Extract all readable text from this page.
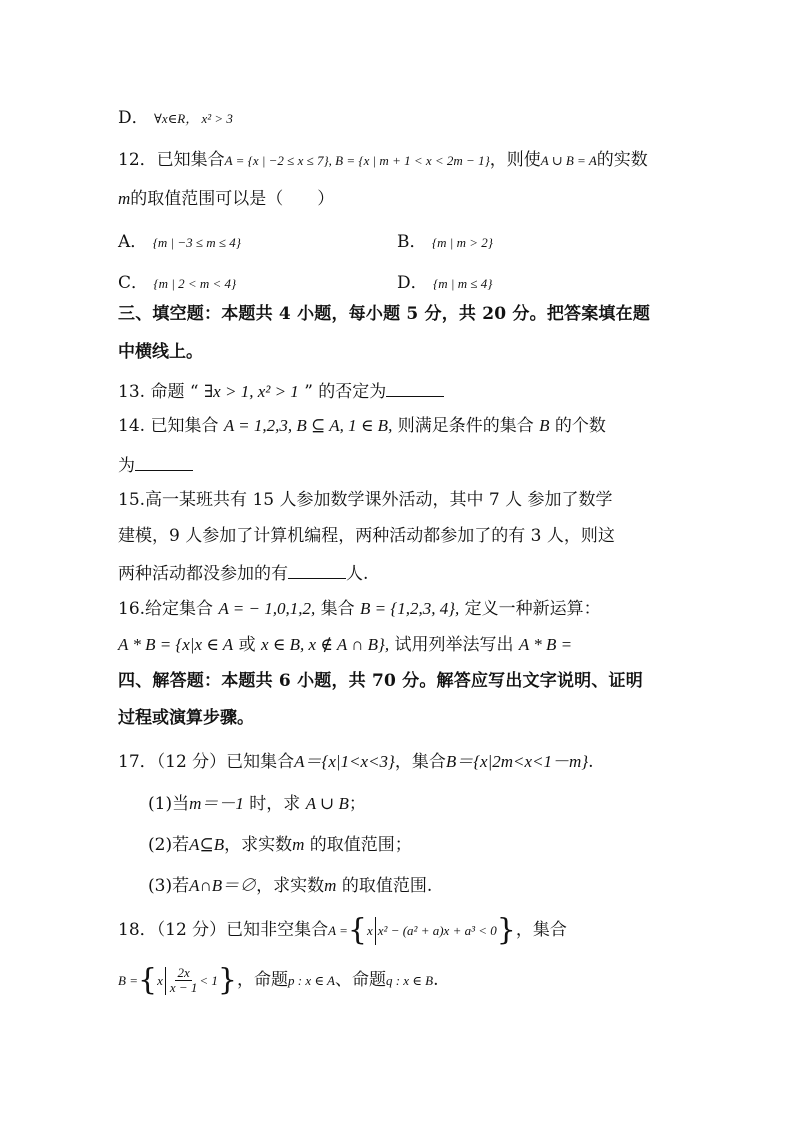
D． ∀x∈R， x² > 3
12．已知集合A = {x | −2 ≤ x ≤ 7}, B = {x | m + 1 < x < 2m − 1}，则使A ∪ B = A的实数
m的取值范围可以是（　　）
A． {m | −3 ≤ m ≤ 4}	B． {m | m > 2}
C． {m | 2 < m < 4}	D． {m | m ≤ 4}
三、填空题：本题共 4 小题，每小题 5 分，共 20 分。把答案填在题
中横线上。
13. 命题 “ ∃x > 1, x² > 1 ” 的否定为
14. 已知集合 A = 1,2,3, B ⊆ A, 1 ∈ B, 则满足条件的集合 B 的个数
为
15.高一某班共有 15 人参加数学课外活动，其中 7 人 参加了数学
建模，9 人参加了计算机编程，两种活动都参加了的有 3 人，则这
两种活动都没参加的有	人.
16.给定集合 A = − 1,0,1,2, 集合 B = {1,2,3, 4}, 定义一种新运算：
A * B = {x|x ∈ A 或 x ∈ B, x ∉ A ∩ B}, 试用列举法写出 A * B =
四、解答题：本题共 6 小题，共 70 分。解答应写出文字说明、证明
过程或演算步骤。
17．（12 分）已知集合A＝{x|1<x<3}，集合B＝{x|2m<x<1－m}.
(1)当m＝－1 时，求 A ∪ B；
(2)若A⊆B，求实数m 的取值范围；
(3)若A∩B＝∅，求实数m 的取值范围.
18．（12 分）已知非空集合A ={x x² − (a² + a)x + a³ < 0}，集合
$B =\{x \frac{2x}{x - 1} < 1\}$，命题p : x ∈ A、命题q : x ∈ B.
